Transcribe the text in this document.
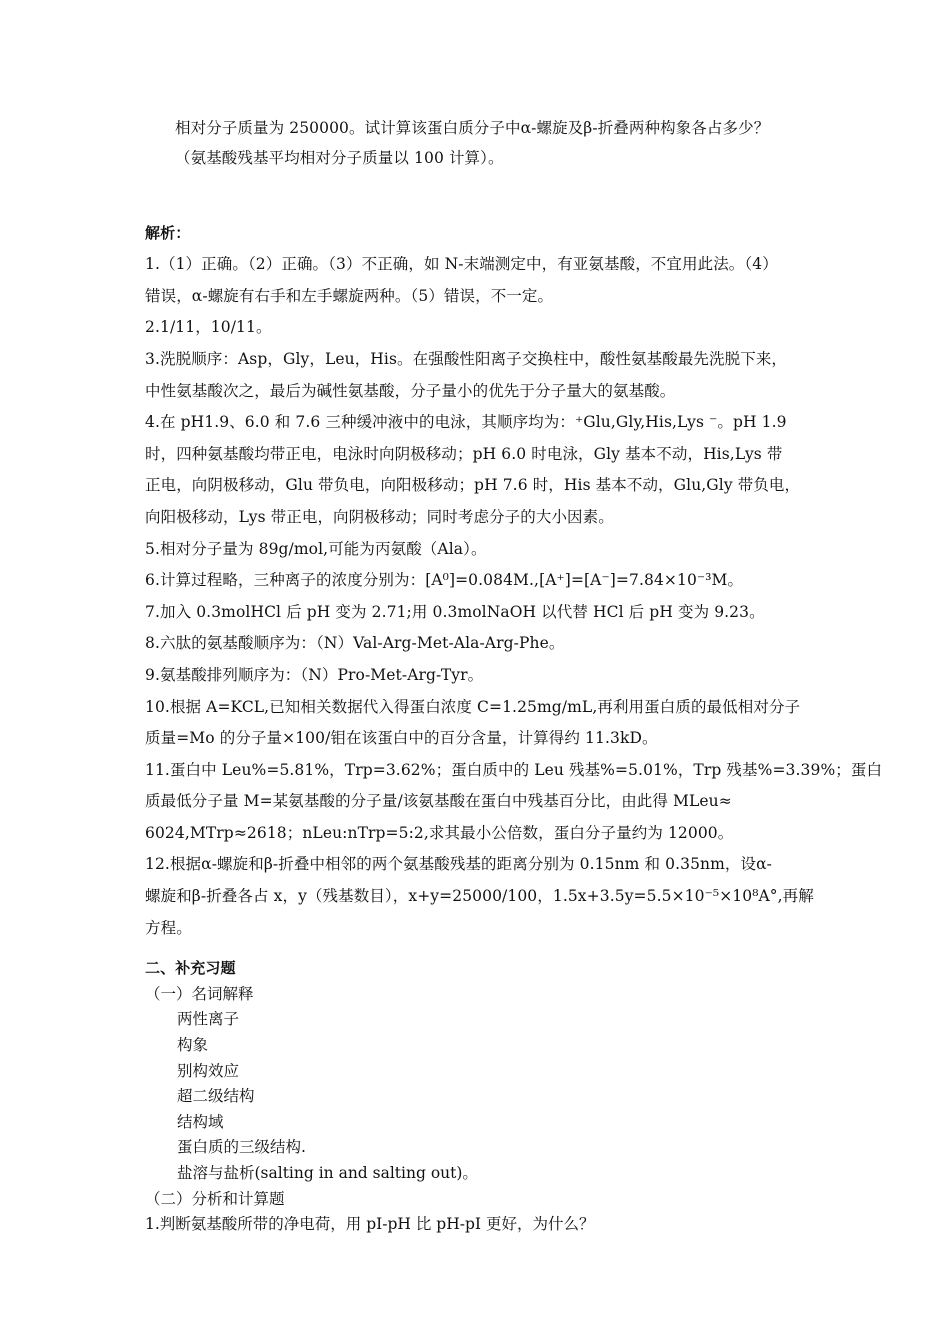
相对分子质量为 250000。试计算该蛋白质分子中α-螺旋及β-折叠两种构象各占多少？
（氨基酸残基平均相对分子质量以 100 计算）。
解析：
1.（1）正确。（2）正确。（3）不正确，如 N-末端测定中，有亚氨基酸，不宜用此法。（4）
错误，α-螺旋有右手和左手螺旋两种。（5）错误，不一定。
2.1/11，10/11。
3.洗脱顺序：Asp，Gly，Leu，His。在强酸性阳离子交换柱中，酸性氨基酸最先洗脱下来，
中性氨基酸次之，最后为碱性氨基酸，分子量小的优先于分子量大的氨基酸。
4.在 pH1.9、6.0 和 7.6 三种缓冲液中的电泳，其顺序均为：⁺Glu,Gly,His,Lys ⁻。pH 1.9
时，四种氨基酸均带正电，电泳时向阴极移动；pH 6.0 时电泳，Gly 基本不动，His,Lys 带
正电，向阴极移动，Glu 带负电，向阳极移动；pH 7.6 时，His 基本不动，Glu,Gly 带负电，
向阳极移动，Lys 带正电，向阴极移动；同时考虑分子的大小因素。
5.相对分子量为 89g/mol,可能为丙氨酸（Ala）。
6.计算过程略，三种离子的浓度分别为：[A⁰]=0.084M.,[A⁺]=[A⁻]=7.84×10⁻³M。
7.加入 0.3molHCl 后 pH 变为 2.71;用 0.3molNaOH 以代替 HCl 后 pH 变为 9.23。
8.六肽的氨基酸顺序为：（N）Val-Arg-Met-Ala-Arg-Phe。
9.氨基酸排列顺序为：（N）Pro-Met-Arg-Tyr。
10.根据 A=KCL,已知相关数据代入得蛋白浓度 C=1.25mg/mL,再利用蛋白质的最低相对分子
质量=Mo 的分子量×100/钼在该蛋白中的百分含量，计算得约 11.3kD。
11.蛋白中 Leu%=5.81%，Trp=3.62%；蛋白质中的 Leu 残基%=5.01%，Trp 残基%=3.39%；蛋白
质最低分子量 M=某氨基酸的分子量/该氨基酸在蛋白中残基百分比，由此得 MLeu≈
6024,MTrp≈2618；nLeu:nTrp=5:2,求其最小公倍数，蛋白分子量约为 12000。
12.根据α-螺旋和β-折叠中相邻的两个氨基酸残基的距离分别为 0.15nm 和 0.35nm，设α-
螺旋和β-折叠各占 x，y（残基数目），x+y=25000/100，1.5x+3.5y=5.5×10⁻⁵×10⁸A°,再解
方程。
二、补充习题
（一）名词解释
两性离子
构象
别构效应
超二级结构
结构域
蛋白质的三级结构.
盐溶与盐析(salting in and salting out)。
（二）分析和计算题
1.判断氨基酸所带的净电荷，用 pI-pH 比 pH-pI 更好，为什么？
